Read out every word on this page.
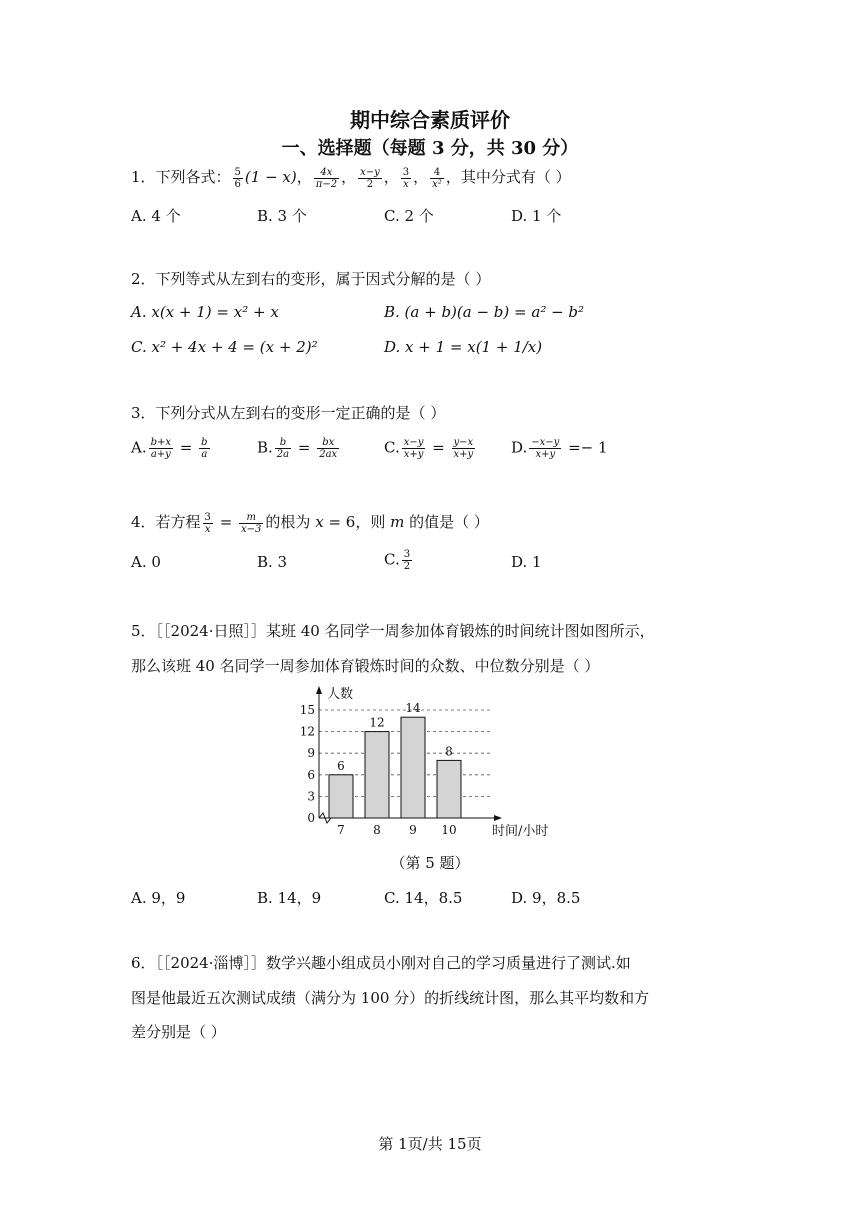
期中综合素质评价
一、选择题（每题 3 分，共 30 分）
1．下列各式： $\frac{5}{6} (1 - x)$， $\frac{4x}{\pi-2}$ ， $\frac{x-y}{2}$ ， $\frac{3}{x}$ ， $\frac{4}{\text{x²}}$ ，其中分式有（ ）
A. 4 个	B. 3 个	C. 2 个	D. 1 个
2．下列等式从左到右的变形，属于因式分解的是（ ）
A. x(x + 1) = x² + x	B. (a + b)(a − b) = a² − b²
C. x² + 4x + 4 = (x + 2)²	D. x + 1 = x(1 + 1/x)
3．下列分式从左到右的变形一定正确的是（ ）
A. $\frac{b+x}{a+y} = \frac{b}{a}$	B. $\frac{b}{2a} = \frac{bx}{2ax}$	C. $\frac{x-y}{x+y} = \frac{y-x}{x+y} D$. $\frac{-x-y}{x+y} =- 1$
4．若方程 $\frac{3}{x} = \frac{m}{x-3}$ 的根为 x = 6，则 m 的值是（ ）
A. 0	B. 3	C. $\frac{3}{2}$	D. 1
5．［［2024·日照］］某班 40 名同学一周参加体育锻炼的时间统计图如图所示，
那么该班 40 名同学一周参加体育锻炼时间的众数、中位数分别是（ ）
0
3
6
9
12
15
6
7
12
8
14
9
8
10
人数
时间/小时
（第 5 题）
A. 9，9	B. 14，9	C. 14，8.5	D. 9，8.5
6．［［2024·淄博］］数学兴趣小组成员小刚对自己的学习质量进行了测试.如
图是他最近五次测试成绩（满分为 100 分）的折线统计图，那么其平均数和方
差分别是（ ）
第 1页/共 15页
